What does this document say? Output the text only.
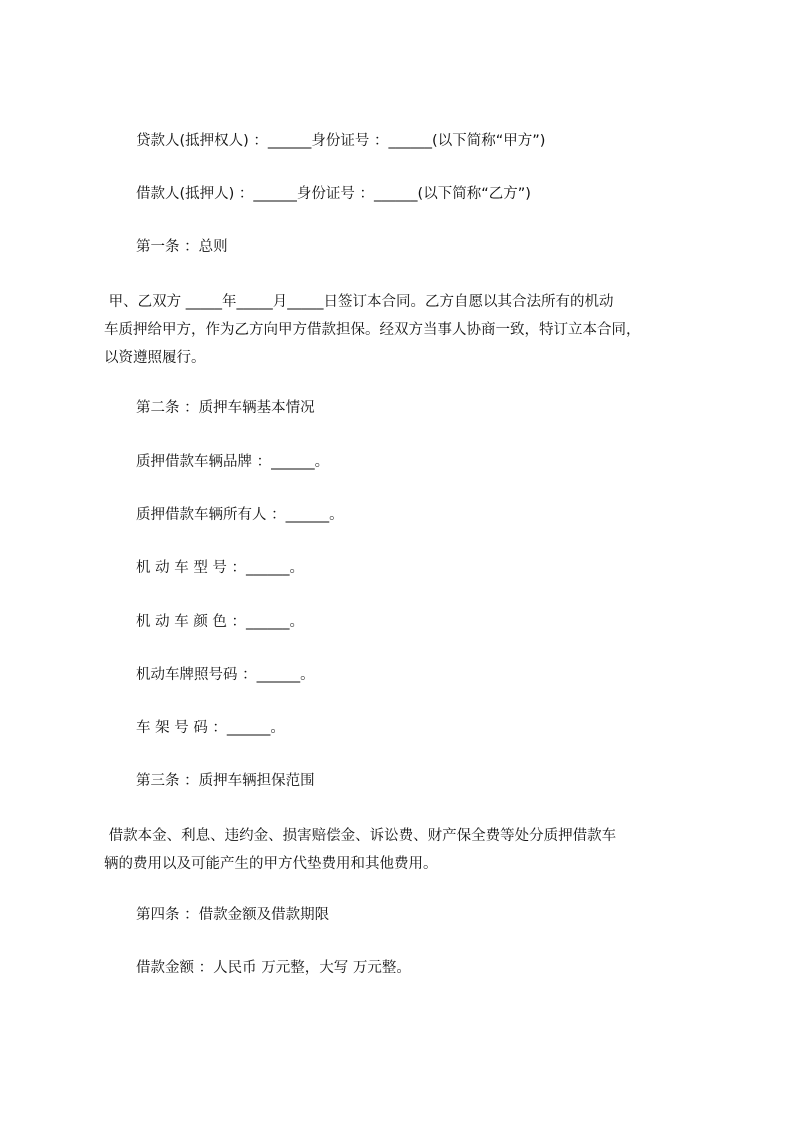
贷款人(抵押权人) ：______身份证号 ：______(以下简称“甲方”)
借款人(抵押人) ：______身份证号 ：______(以下简称“乙方”)
第一条 ：总则
甲、乙双方 _____年_____月_____日签订本合同。乙方自愿以其合法所有的机动
车质押给甲方，作为乙方向甲方借款担保。经双方当事人协商一致，特订立本合同，
以资遵照履行。
第二条 ：质押车辆基本情况
质押借款车辆品牌 ：______。
质押借款车辆所有人 ：______。
机 动 车 型 号 ：______。
机 动 车 颜 色 ：______。
机动车牌照号码 ：______。
车 架 号 码 ：______。
第三条 ：质押车辆担保范围
借款本金、利息、违约金、损害赔偿金、诉讼费、财产保全费等处分质押借款车
辆的费用以及可能产生的甲方代垫费用和其他费用。
第四条 ：借款金额及借款期限
借款金额 ：人民币 万元整，大写 万元整。
